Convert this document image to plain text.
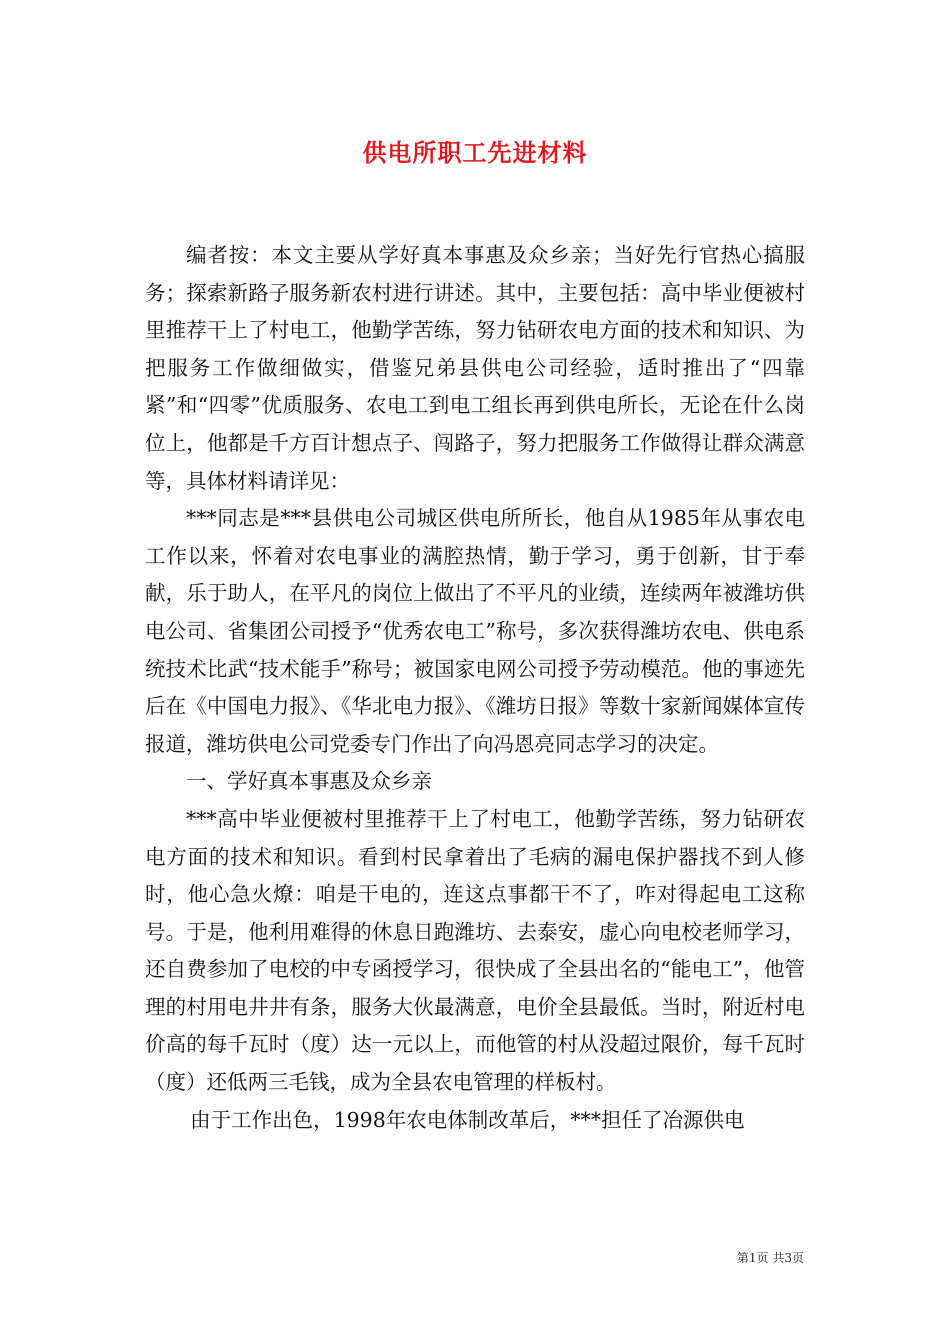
供电所职工先进材料

编者按：本文主要从学好真本事惠及众乡亲；当好先行官热心搞服务；探索新路子服务新农村进行讲述。其中，主要包括：高中毕业便被村里推荐干上了村电工，他勤学苦练，努力钻研农电方面的技术和知识、为把服务工作做细做实，借鉴兄弟县供电公司经验，适时推出了“四靠紧”和“四零”优质服务、农电工到电工组长再到供电所长，无论在什么岗位上，他都是千方百计想点子、闯路子，努力把服务工作做得让群众满意等，具体材料请详见：

***同志是***县供电公司城区供电所所长，他自从1985年从事农电工作以来，怀着对农电事业的满腔热情，勤于学习，勇于创新，甘于奉献，乐于助人，在平凡的岗位上做出了不平凡的业绩，连续两年被潍坊供电公司、省集团公司授予“优秀农电工”称号，多次获得潍坊农电、供电系统技术比武“技术能手”称号；被国家电网公司授予劳动模范。他的事迹先后在《中国电力报》、《华北电力报》、《潍坊日报》等数十家新闻媒体宣传报道，潍坊供电公司党委专门作出了向冯恩亮同志学习的决定。

一、学好真本事惠及众乡亲

***高中毕业便被村里推荐干上了村电工，他勤学苦练，努力钻研农电方面的技术和知识。看到村民拿着出了毛病的漏电保护器找不到人修时，他心急火燎：咱是干电的，连这点事都干不了，咋对得起电工这称号。于是，他利用难得的休息日跑潍坊、去泰安，虚心向电校老师学习，还自费参加了电校的中专函授学习，很快成了全县出名的“能电工”，他管理的村用电井井有条，服务大伙最满意，电价全县最低。当时，附近村电价高的每千瓦时（度）达一元以上，而他管的村从没超过限价，每千瓦时（度）还低两三毛钱，成为全县农电管理的样板村。

由于工作出色，1998年农电体制改革后，***担任了冶源供电

第1页 共3页
